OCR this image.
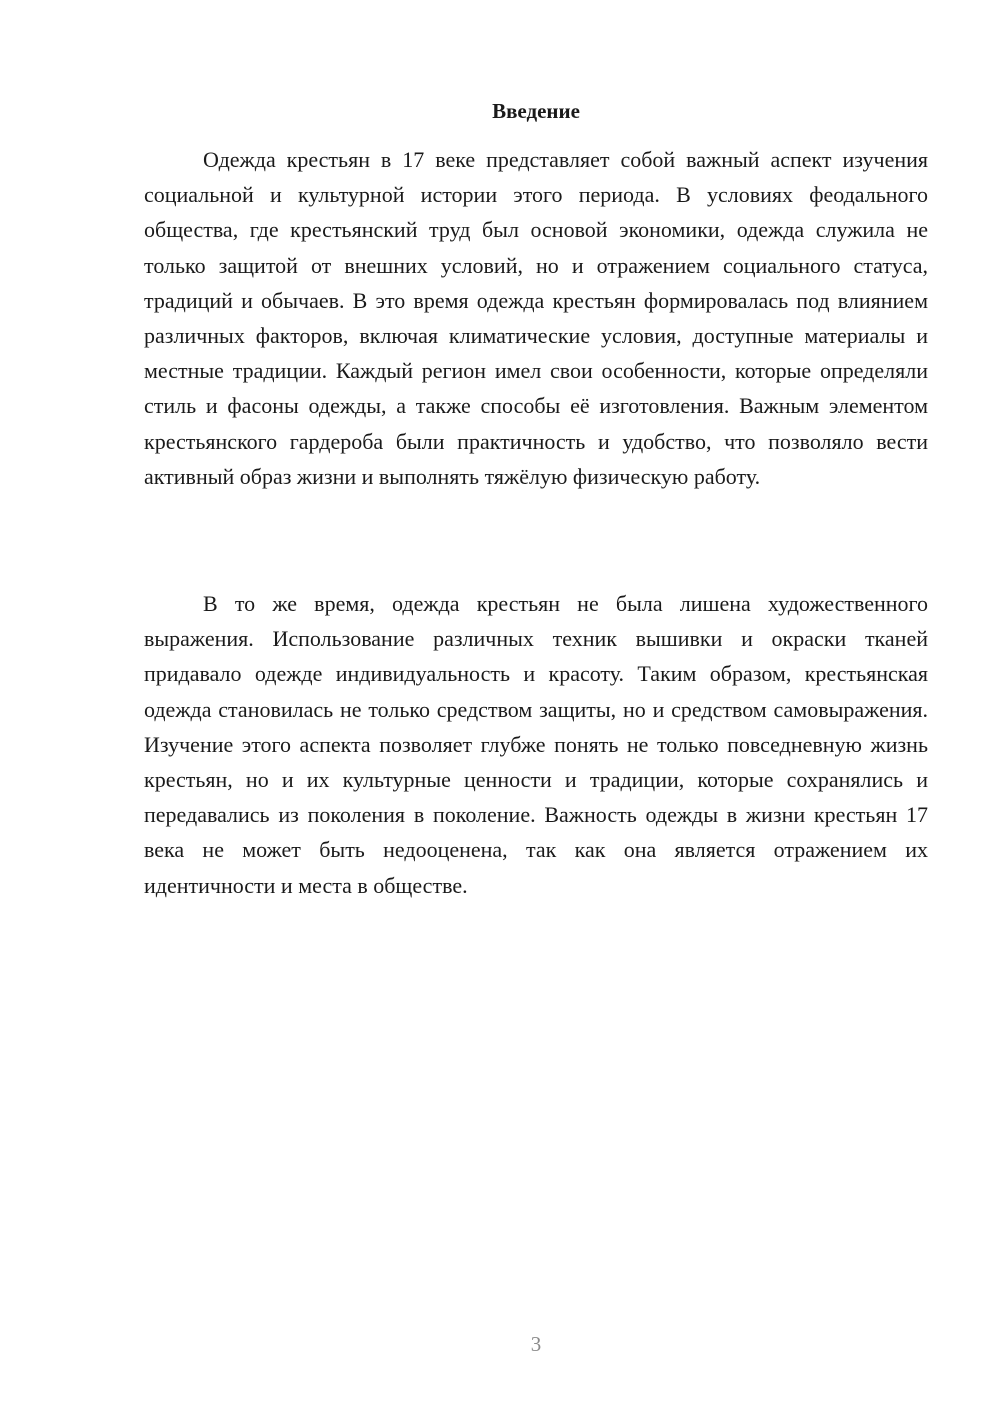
Введение

Одежда крестьян в 17 веке представляет собой важный аспект изучения социальной и культурной истории этого периода. В условиях феодального общества, где крестьянский труд был основой экономики, одежда служила не только защитой от внешних условий, но и отражением социального статуса, традиций и обычаев. В это время одежда крестьян формировалась под влиянием различных факторов, включая климатические условия, доступные материалы и местные традиции. Каждый регион имел свои особенности, которые определяли стиль и фасоны одежды, а также способы её изготовления. Важным элементом крестьянского гардероба были практичность и удобство, что позволяло вести активный образ жизни и выполнять тяжёлую физическую работу.

В то же время, одежда крестьян не была лишена художественного выражения. Использование различных техник вышивки и окраски тканей придавало одежде индивидуальность и красоту. Таким образом, крестьянская одежда становилась не только средством защиты, но и средством самовыражения. Изучение этого аспекта позволяет глубже понять не только повседневную жизнь крестьян, но и их культурные ценности и традиции, которые сохранялись и передавались из поколения в поколение. Важность одежды в жизни крестьян 17 века не может быть недооценена, так как она является отражением их идентичности и места в обществе.

3
